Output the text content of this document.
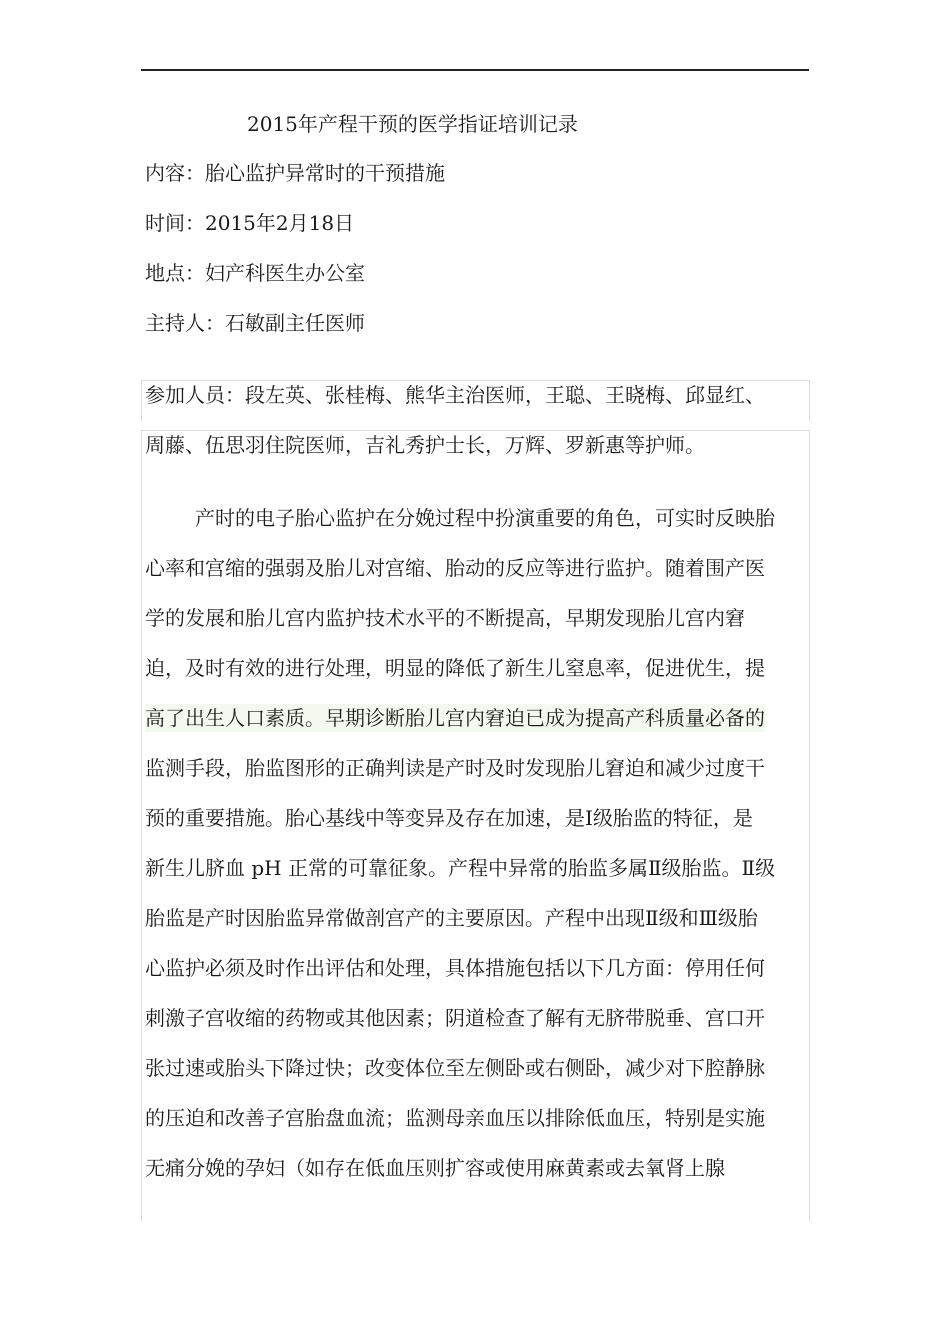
2015年产程干预的医学指证培训记录
内容：胎心监护异常时的干预措施
时间：2015年2月18日
地点：妇产科医生办公室
主持人：石敏副主任医师
参加人员：段左英、张桂梅、熊华主治医师，王聪、王晓梅、邱显红、
周藤、伍思羽住院医师，吉礼秀护士长，万辉、罗新惠等护师。
产时的电子胎心监护在分娩过程中扮演重要的角色，可实时反映胎
心率和宫缩的强弱及胎儿对宫缩、胎动的反应等进行监护。随着围产医
学的发展和胎儿宫内监护技术水平的不断提高，早期发现胎儿宫内窘
迫，及时有效的进行处理，明显的降低了新生儿窒息率，促进优生，提
高了出生人口素质。早期诊断胎儿宫内窘迫已成为提高产科质量必备的
监测手段，胎监图形的正确判读是产时及时发现胎儿窘迫和减少过度干
预的重要措施。胎心基线中等变异及存在加速，是Ⅰ级胎监的特征，是
新生儿脐血 pH 正常的可靠征象。产程中异常的胎监多属Ⅱ级胎监。Ⅱ级
胎监是产时因胎监异常做剖宫产的主要原因。产程中出现Ⅱ级和Ⅲ级胎
心监护必须及时作出评估和处理，具体措施包括以下几方面：停用任何
刺激子宫收缩的药物或其他因素；阴道检查了解有无脐带脱垂、宫口开
张过速或胎头下降过快；改变体位至左侧卧或右侧卧，减少对下腔静脉
的压迫和改善子宫胎盘血流；监测母亲血压以排除低血压，特别是实施
无痛分娩的孕妇（如存在低血压则扩容或使用麻黄素或去氧肾上腺
